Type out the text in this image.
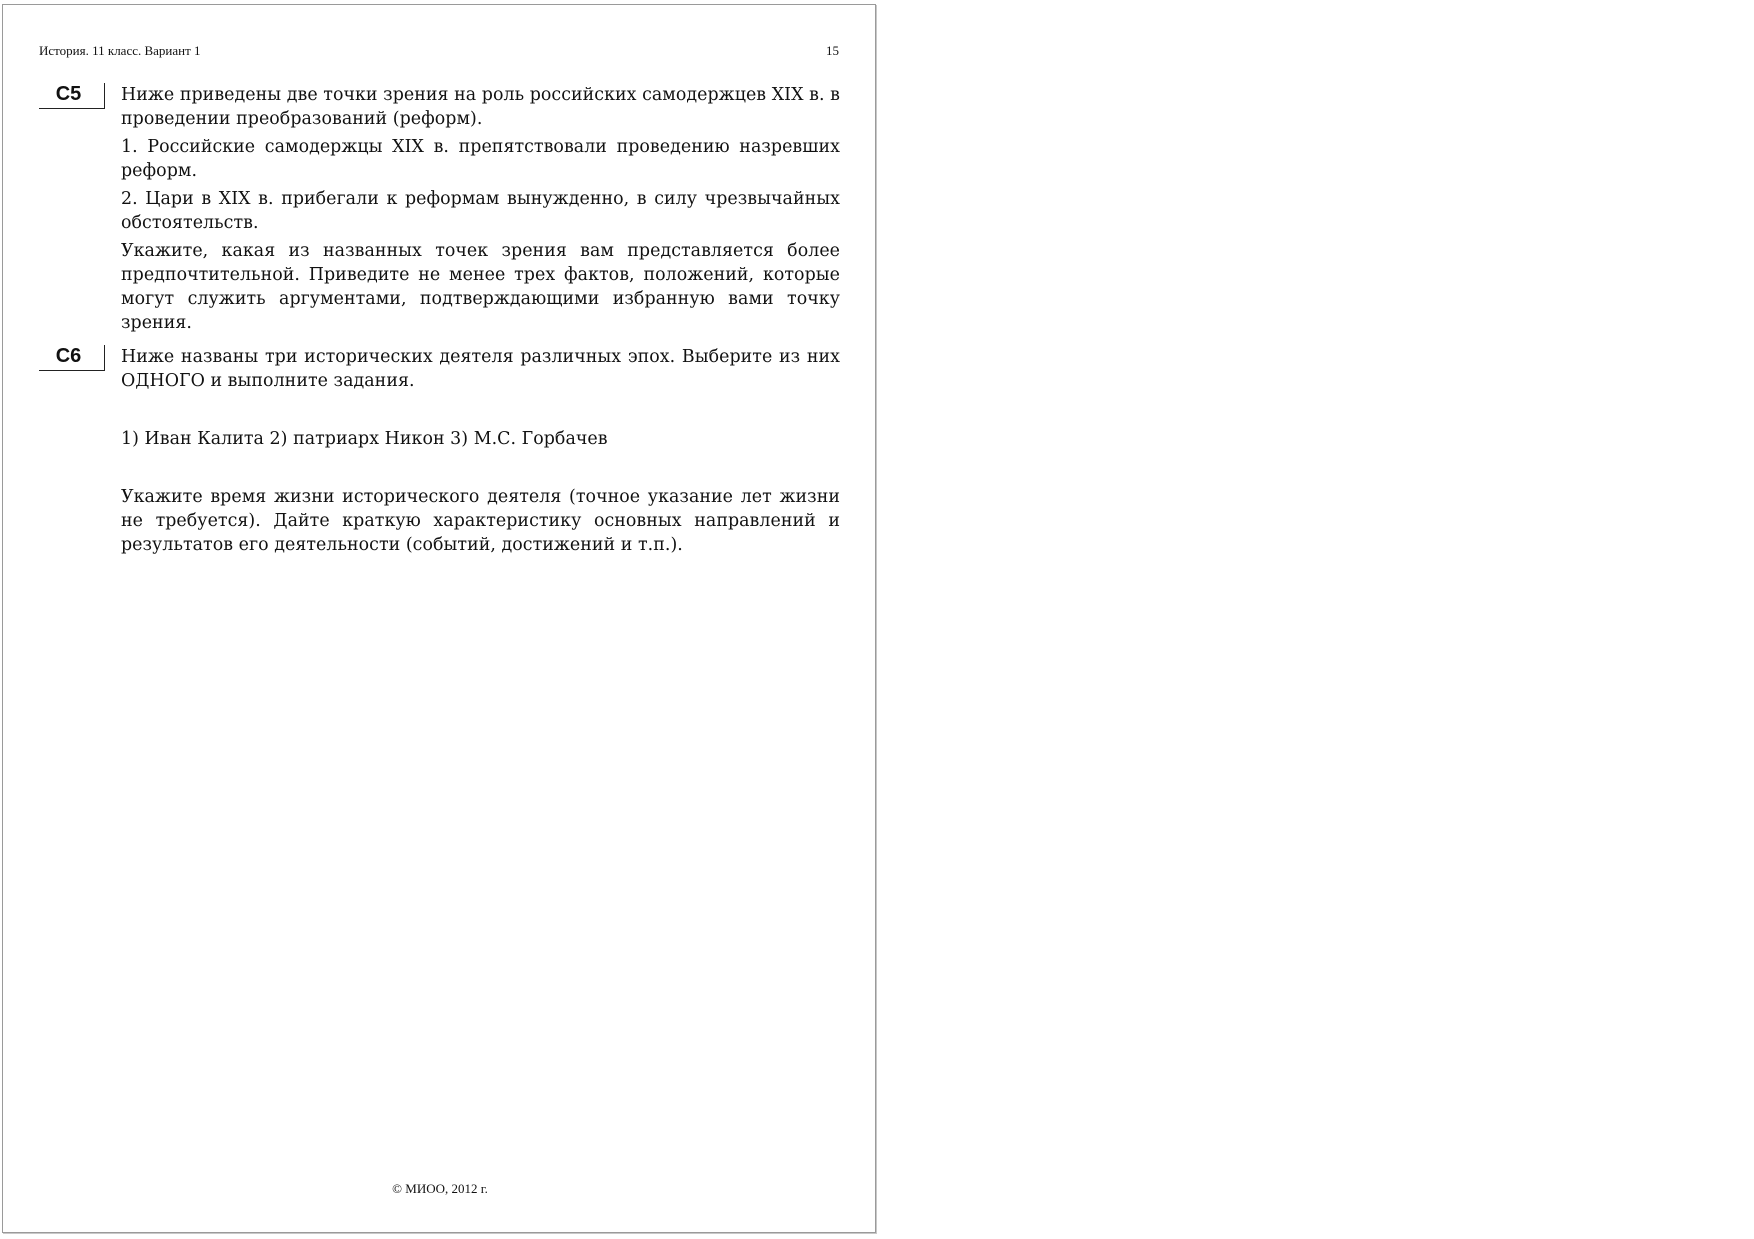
История. 11 класс. Вариант 1	15
С5	Ниже приведены две точки зрения на роль российских самодержцев XIX в. в проведении преобразований (реформ).

1. Российские самодержцы XIX в. препятствовали проведению назревших реформ.

2. Цари в XIX в. прибегали к реформам вынужденно, в силу чрезвычайных обстоятельств.

Укажите, какая из названных точек зрения вам представляется более предпочтительной. Приведите не менее трех фактов, положений, которые могут служить аргументами, подтверждающими избранную вами точку зрения.

С6	Ниже названы три исторических деятеля различных эпох. Выберите из них ОДНОГО и выполните задания.

1) Иван Калита 2) патриарх Никон 3) М.С. Горбачев

Укажите время жизни исторического деятеля (точное указание лет жизни не требуется). Дайте краткую характеристику основных направлений и результатов его деятельности (событий, достижений и т.п.).

© МИОО, 2012 г.
